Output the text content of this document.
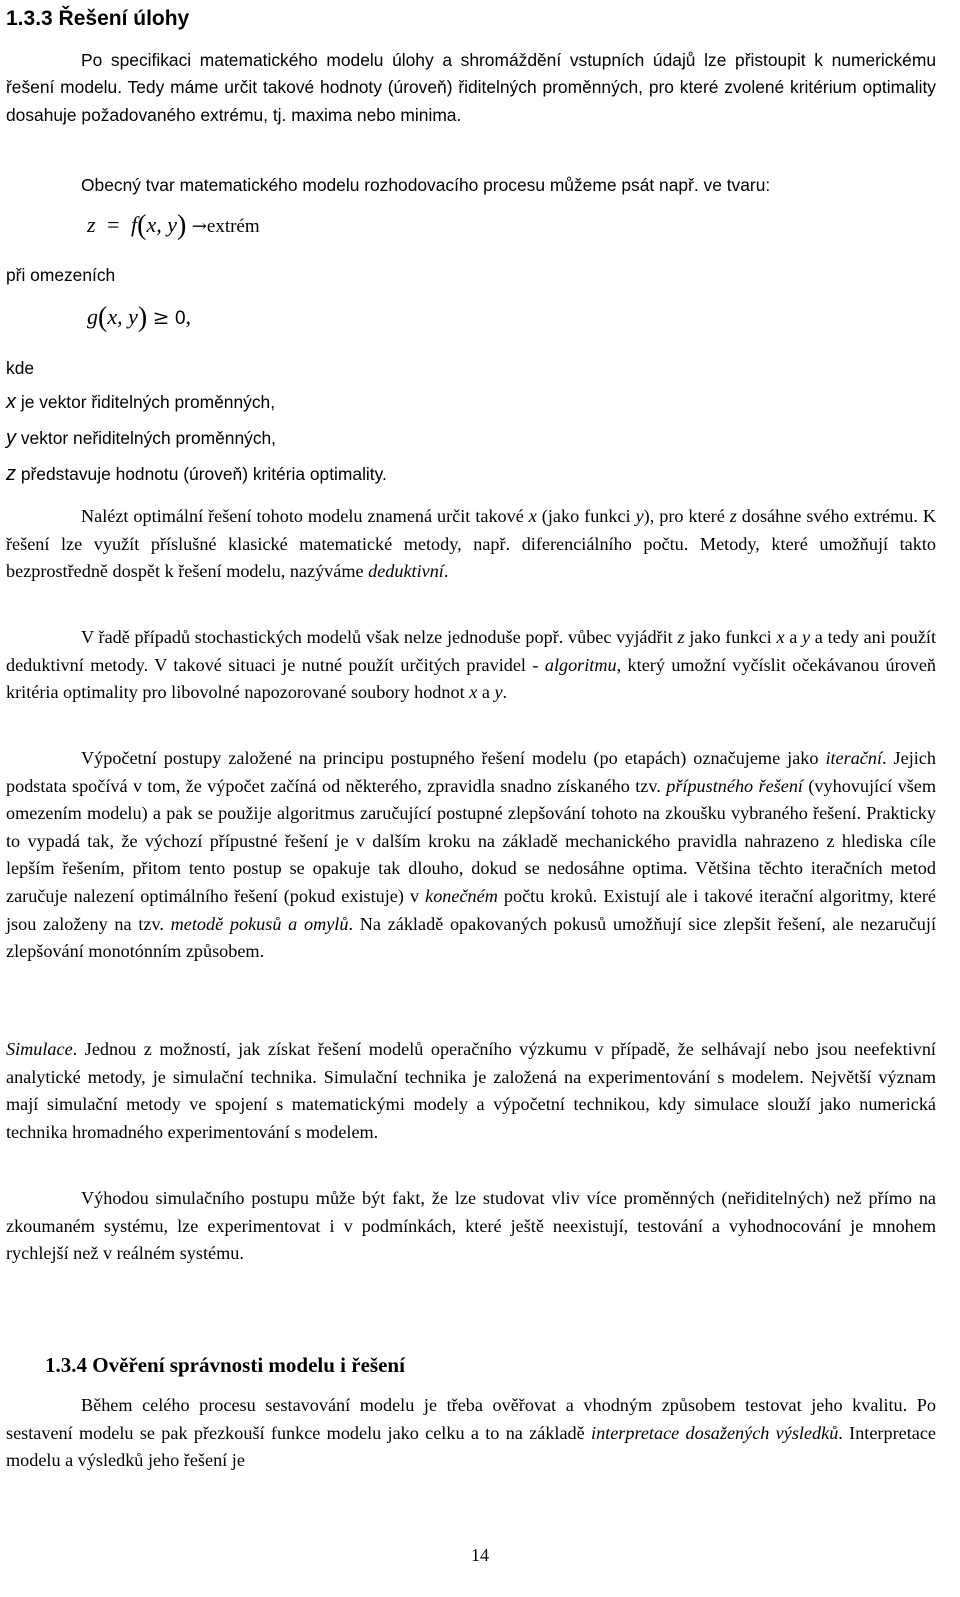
1.3.3 Řešení úlohy

Po specifikaci matematického modelu úlohy a shromáždění vstupních údajů lze přistoupit k numerickému řešení modelu. Tedy máme určit takové hodnoty (úroveň) řiditelných proměnných, pro které zvolené kritérium optimality dosahuje požadovaného extrému, tj. maxima nebo minima.

Obecný tvar matematického modelu rozhodovacího procesu můžeme psát např. ve tvaru:

z = f(x, y) →extrém

při omezeních

g(x, y) ≥ 0,

kde

x je vektor řiditelných proměnných,

y vektor neřiditelných proměnných,

z představuje hodnotu (úroveň) kritéria optimality.

Nalézt optimální řešení tohoto modelu znamená určit takové x (jako funkci y), pro které z dosáhne svého extrému. K řešení lze využít příslušné klasické matematické metody, např. diferenciálního počtu. Metody, které umožňují takto bezprostředně dospět k řešení modelu, nazýváme deduktivní.

V řadě případů stochastických modelů však nelze jednoduše popř. vůbec vyjádřit z jako funkci x a y a tedy ani použít deduktivní metody. V takové situaci je nutné použít určitých pravidel - algoritmu, který umožní vyčíslit očekávanou úroveň kritéria optimality pro libovolné napozorované soubory hodnot x a y.

Výpočetní postupy založené na principu postupného řešení modelu (po etapách) označujeme jako iterační. Jejich podstata spočívá v tom, že výpočet začíná od některého, zpravidla snadno získaného tzv. přípustného řešení (vyhovující všem omezením modelu) a pak se použije algoritmus zaručující postupné zlepšování tohoto na zkoušku vybraného řešení. Prakticky to vypadá tak, že výchozí přípustné řešení je v dalším kroku na základě mechanického pravidla nahrazeno z hlediska cíle lepším řešením, přitom tento postup se opakuje tak dlouho, dokud se nedosáhne optima. Většina těchto iteračních metod zaručuje nalezení optimálního řešení (pokud existuje) v konečném počtu kroků. Existují ale i takové iterační algoritmy, které jsou založeny na tzv. metodě pokusů a omylů. Na základě opakovaných pokusů umožňují sice zlepšit řešení, ale nezaručují zlepšování monotónním způsobem.

Simulace. Jednou z možností, jak získat řešení modelů operačního výzkumu v případě, že selhávají nebo jsou neefektivní analytické metody, je simulační technika. Simulační technika je založená na experimentování s modelem. Největší význam mají simulační metody ve spojení s matematickými modely a výpočetní technikou, kdy simulace slouží jako numerická technika hromadného experimentování s modelem.

Výhodou simulačního postupu může být fakt, že lze studovat vliv více proměnných (neřiditelných) než přímo na zkoumaném systému, lze experimentovat i v podmínkách, které ještě neexistují, testování a vyhodnocování je mnohem rychlejší než v reálném systému.

1.3.4 Ověření správnosti modelu i řešení

Během celého procesu sestavování modelu je třeba ověřovat a vhodným způsobem testovat jeho kvalitu. Po sestavení modelu se pak přezkouší funkce modelu jako celku a to na základě interpretace dosažených výsledků. Interpretace modelu a výsledků jeho řešení je

14
